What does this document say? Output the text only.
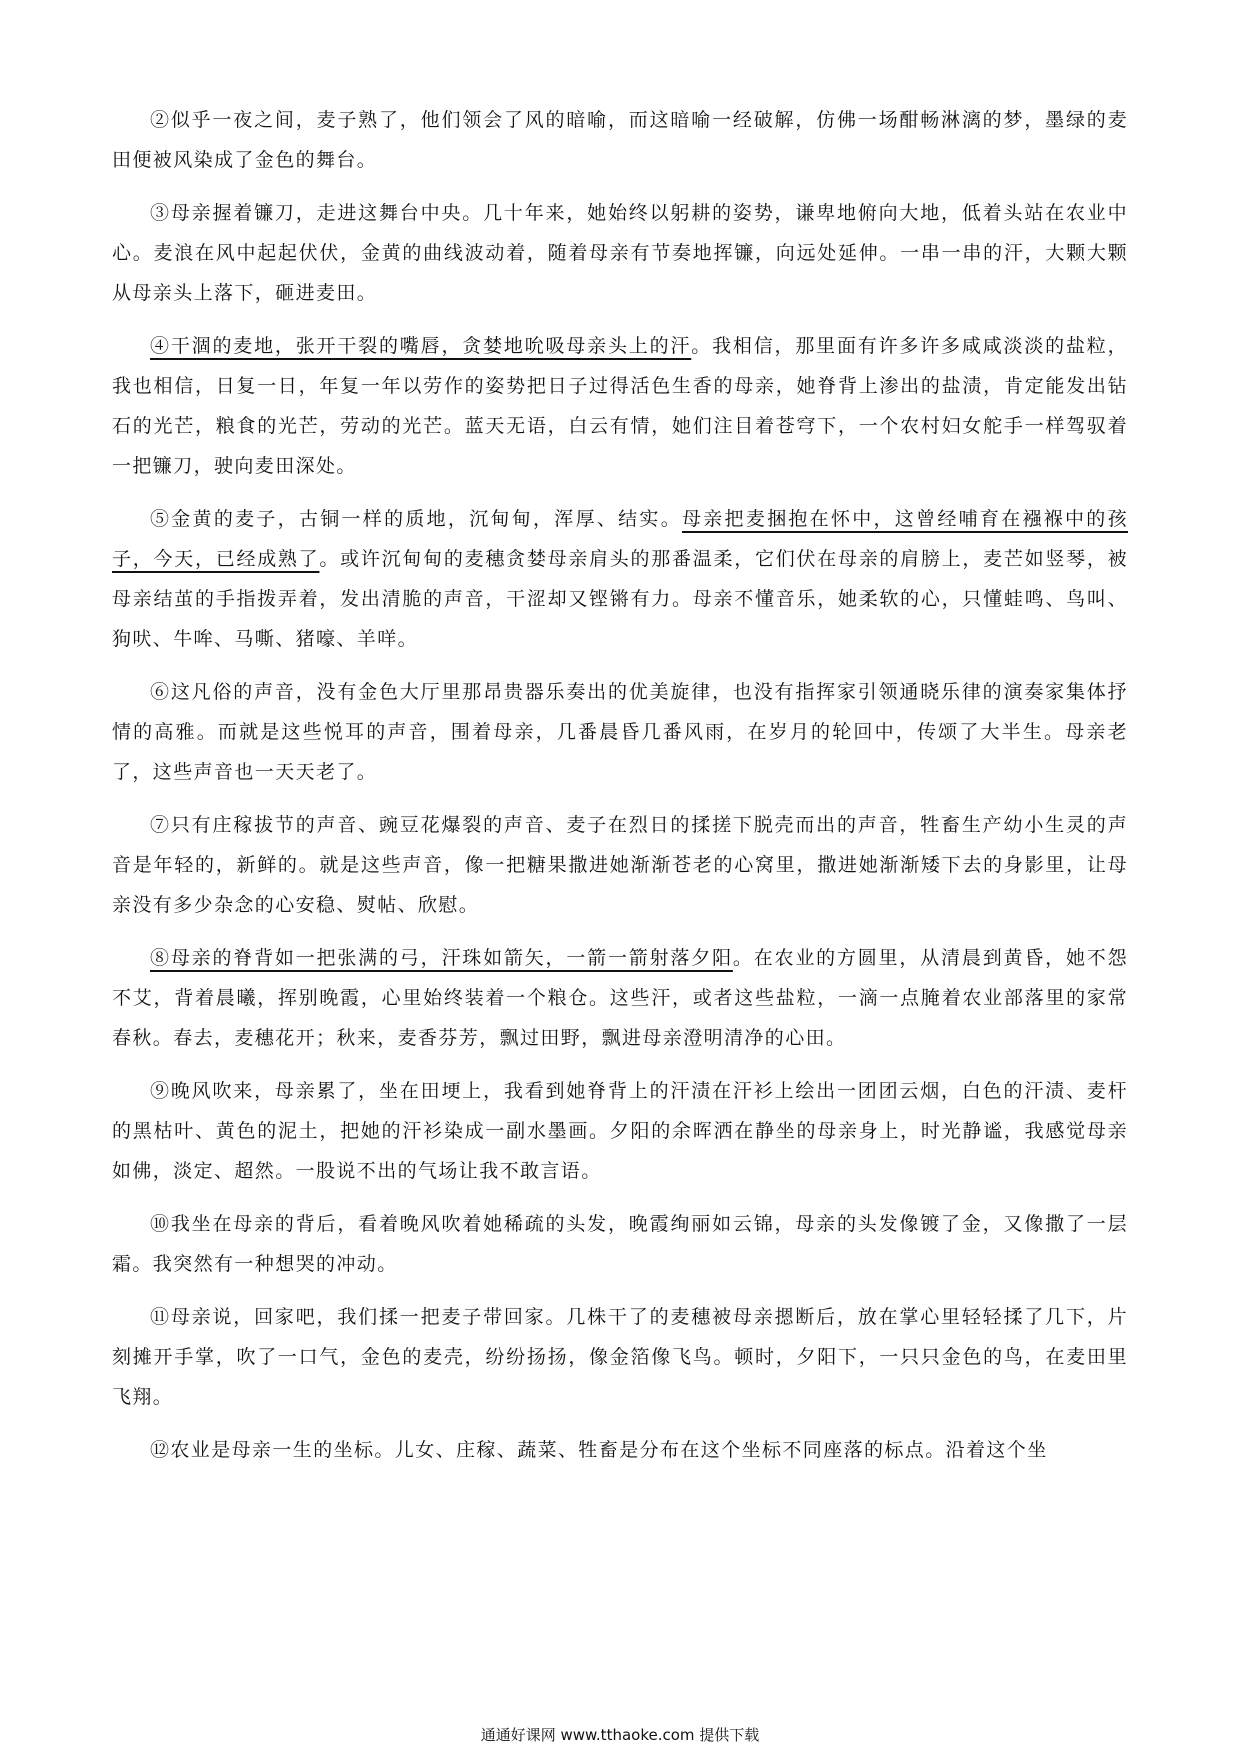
②似乎一夜之间，麦子熟了，他们领会了风的暗喻，而这暗喻一经破解，仿佛一场酣畅淋漓的梦，墨绿的麦田便被风染成了金色的舞台。

③母亲握着镰刀，走进这舞台中央。几十年来，她始终以躬耕的姿势，谦卑地俯向大地，低着头站在农业中心。麦浪在风中起起伏伏，金黄的曲线波动着，随着母亲有节奏地挥镰，向远处延伸。一串一串的汗，大颗大颗从母亲头上落下，砸进麦田。

④干涸的麦地，张开干裂的嘴唇，贪婪地吮吸母亲头上的汗。我相信，那里面有许多许多咸咸淡淡的盐粒，我也相信，日复一日，年复一年以劳作的姿势把日子过得活色生香的母亲，她脊背上渗出的盐渍，肯定能发出钻石的光芒，粮食的光芒，劳动的光芒。蓝天无语，白云有情，她们注目着苍穹下，一个农村妇女舵手一样驾驭着一把镰刀，驶向麦田深处。

⑤金黄的麦子，古铜一样的质地，沉甸甸，浑厚、结实。母亲把麦捆抱在怀中，这曾经哺育在襁褓中的孩子，今天，已经成熟了。或许沉甸甸的麦穗贪婪母亲肩头的那番温柔，它们伏在母亲的肩膀上，麦芒如竖琴，被母亲结茧的手指拨弄着，发出清脆的声音，干涩却又铿锵有力。母亲不懂音乐，她柔软的心，只懂蛙鸣、鸟叫、狗吠、牛哞、马嘶、猪嚎、羊咩。

⑥这凡俗的声音，没有金色大厅里那昂贵器乐奏出的优美旋律，也没有指挥家引领通晓乐律的演奏家集体抒情的高雅。而就是这些悦耳的声音，围着母亲，几番晨昏几番风雨，在岁月的轮回中，传颂了大半生。母亲老了，这些声音也一天天老了。

⑦只有庄稼拔节的声音、豌豆花爆裂的声音、麦子在烈日的揉搓下脱壳而出的声音，牲畜生产幼小生灵的声音是年轻的，新鲜的。就是这些声音，像一把糖果撒进她渐渐苍老的心窝里，撒进她渐渐矮下去的身影里，让母亲没有多少杂念的心安稳、熨帖、欣慰。

⑧母亲的脊背如一把张满的弓，汗珠如箭矢，一箭一箭射落夕阳。在农业的方圆里，从清晨到黄昏，她不怨不艾，背着晨曦，挥别晚霞，心里始终装着一个粮仓。这些汗，或者这些盐粒，一滴一点腌着农业部落里的家常春秋。春去，麦穗花开；秋来，麦香芬芳，飘过田野，飘进母亲澄明清净的心田。

⑨晚风吹来，母亲累了，坐在田埂上，我看到她脊背上的汗渍在汗衫上绘出一团团云烟，白色的汗渍、麦杆的黑枯叶、黄色的泥土，把她的汗衫染成一副水墨画。夕阳的余晖洒在静坐的母亲身上，时光静谧，我感觉母亲如佛，淡定、超然。一股说不出的气场让我不敢言语。

⑩我坐在母亲的背后，看着晚风吹着她稀疏的头发，晚霞绚丽如云锦，母亲的头发像镀了金，又像撒了一层霜。我突然有一种想哭的冲动。

⑪母亲说，回家吧，我们揉一把麦子带回家。几株干了的麦穗被母亲摁断后，放在掌心里轻轻揉了几下，片刻摊开手掌，吹了一口气，金色的麦壳，纷纷扬扬，像金箔像飞鸟。顿时，夕阳下，一只只金色的鸟，在麦田里飞翔。

⑫农业是母亲一生的坐标。儿女、庄稼、蔬菜、牲畜是分布在这个坐标不同座落的标点。沿着这个坐

通通好课网 www.tthaoke.com 提供下载
